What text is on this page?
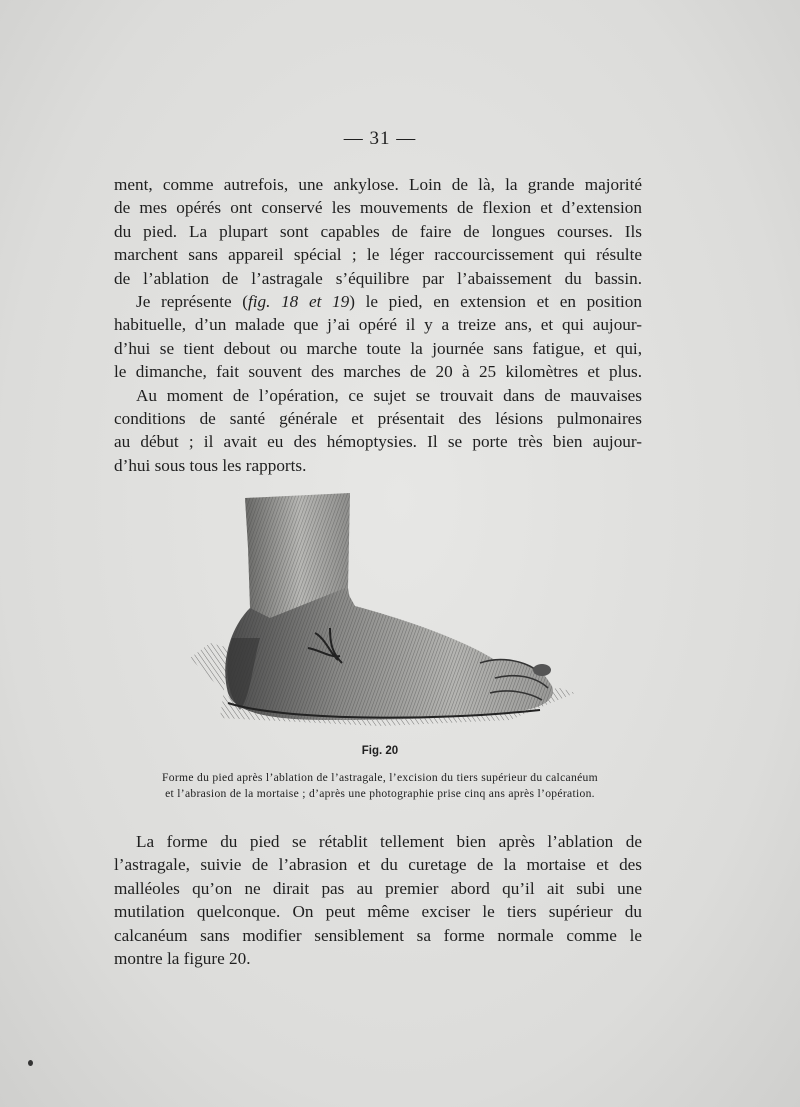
— 31 —

ment, comme autrefois, une ankylose. Loin de là, la grande majorité
de mes opérés ont conservé les mouvements de flexion et d’extension
du pied. La plupart sont capables de faire de longues courses. Ils
marchent sans appareil spécial ; le léger raccourcissement qui résulte
de l’ablation de l’astragale s’équilibre par l’abaissement du bassin.

Je représente (fig. 18 et 19) le pied, en extension et en position
habituelle, d’un malade que j’ai opéré il y a treize ans, et qui aujour-
d’hui se tient debout ou marche toute la journée sans fatigue, et qui,
le dimanche, fait souvent des marches de 20 à 25 kilomètres et plus.

Au moment de l’opération, ce sujet se trouvait dans de mauvaises
conditions de santé générale et présentait des lésions pulmonaires
au début ; il avait eu des hémoptysies. Il se porte très bien aujour-
d’hui sous tous les rapports.

Fig. 20
Forme du pied après l’ablation de l’astragale, l’excision du tiers supérieur du calcanéum
et l’abrasion de la mortaise ; d’après une photographie prise cinq ans après l’opération.

La forme du pied se rétablit tellement bien après l’ablation de
l’astragale, suivie de l’abrasion et du curetage de la mortaise et des
malléoles qu’on ne dirait pas au premier abord qu’il ait subi une
mutilation quelconque. On peut même exciser le tiers supérieur du
calcanéum sans modifier sensiblement sa forme normale comme le
montre la figure 20.
